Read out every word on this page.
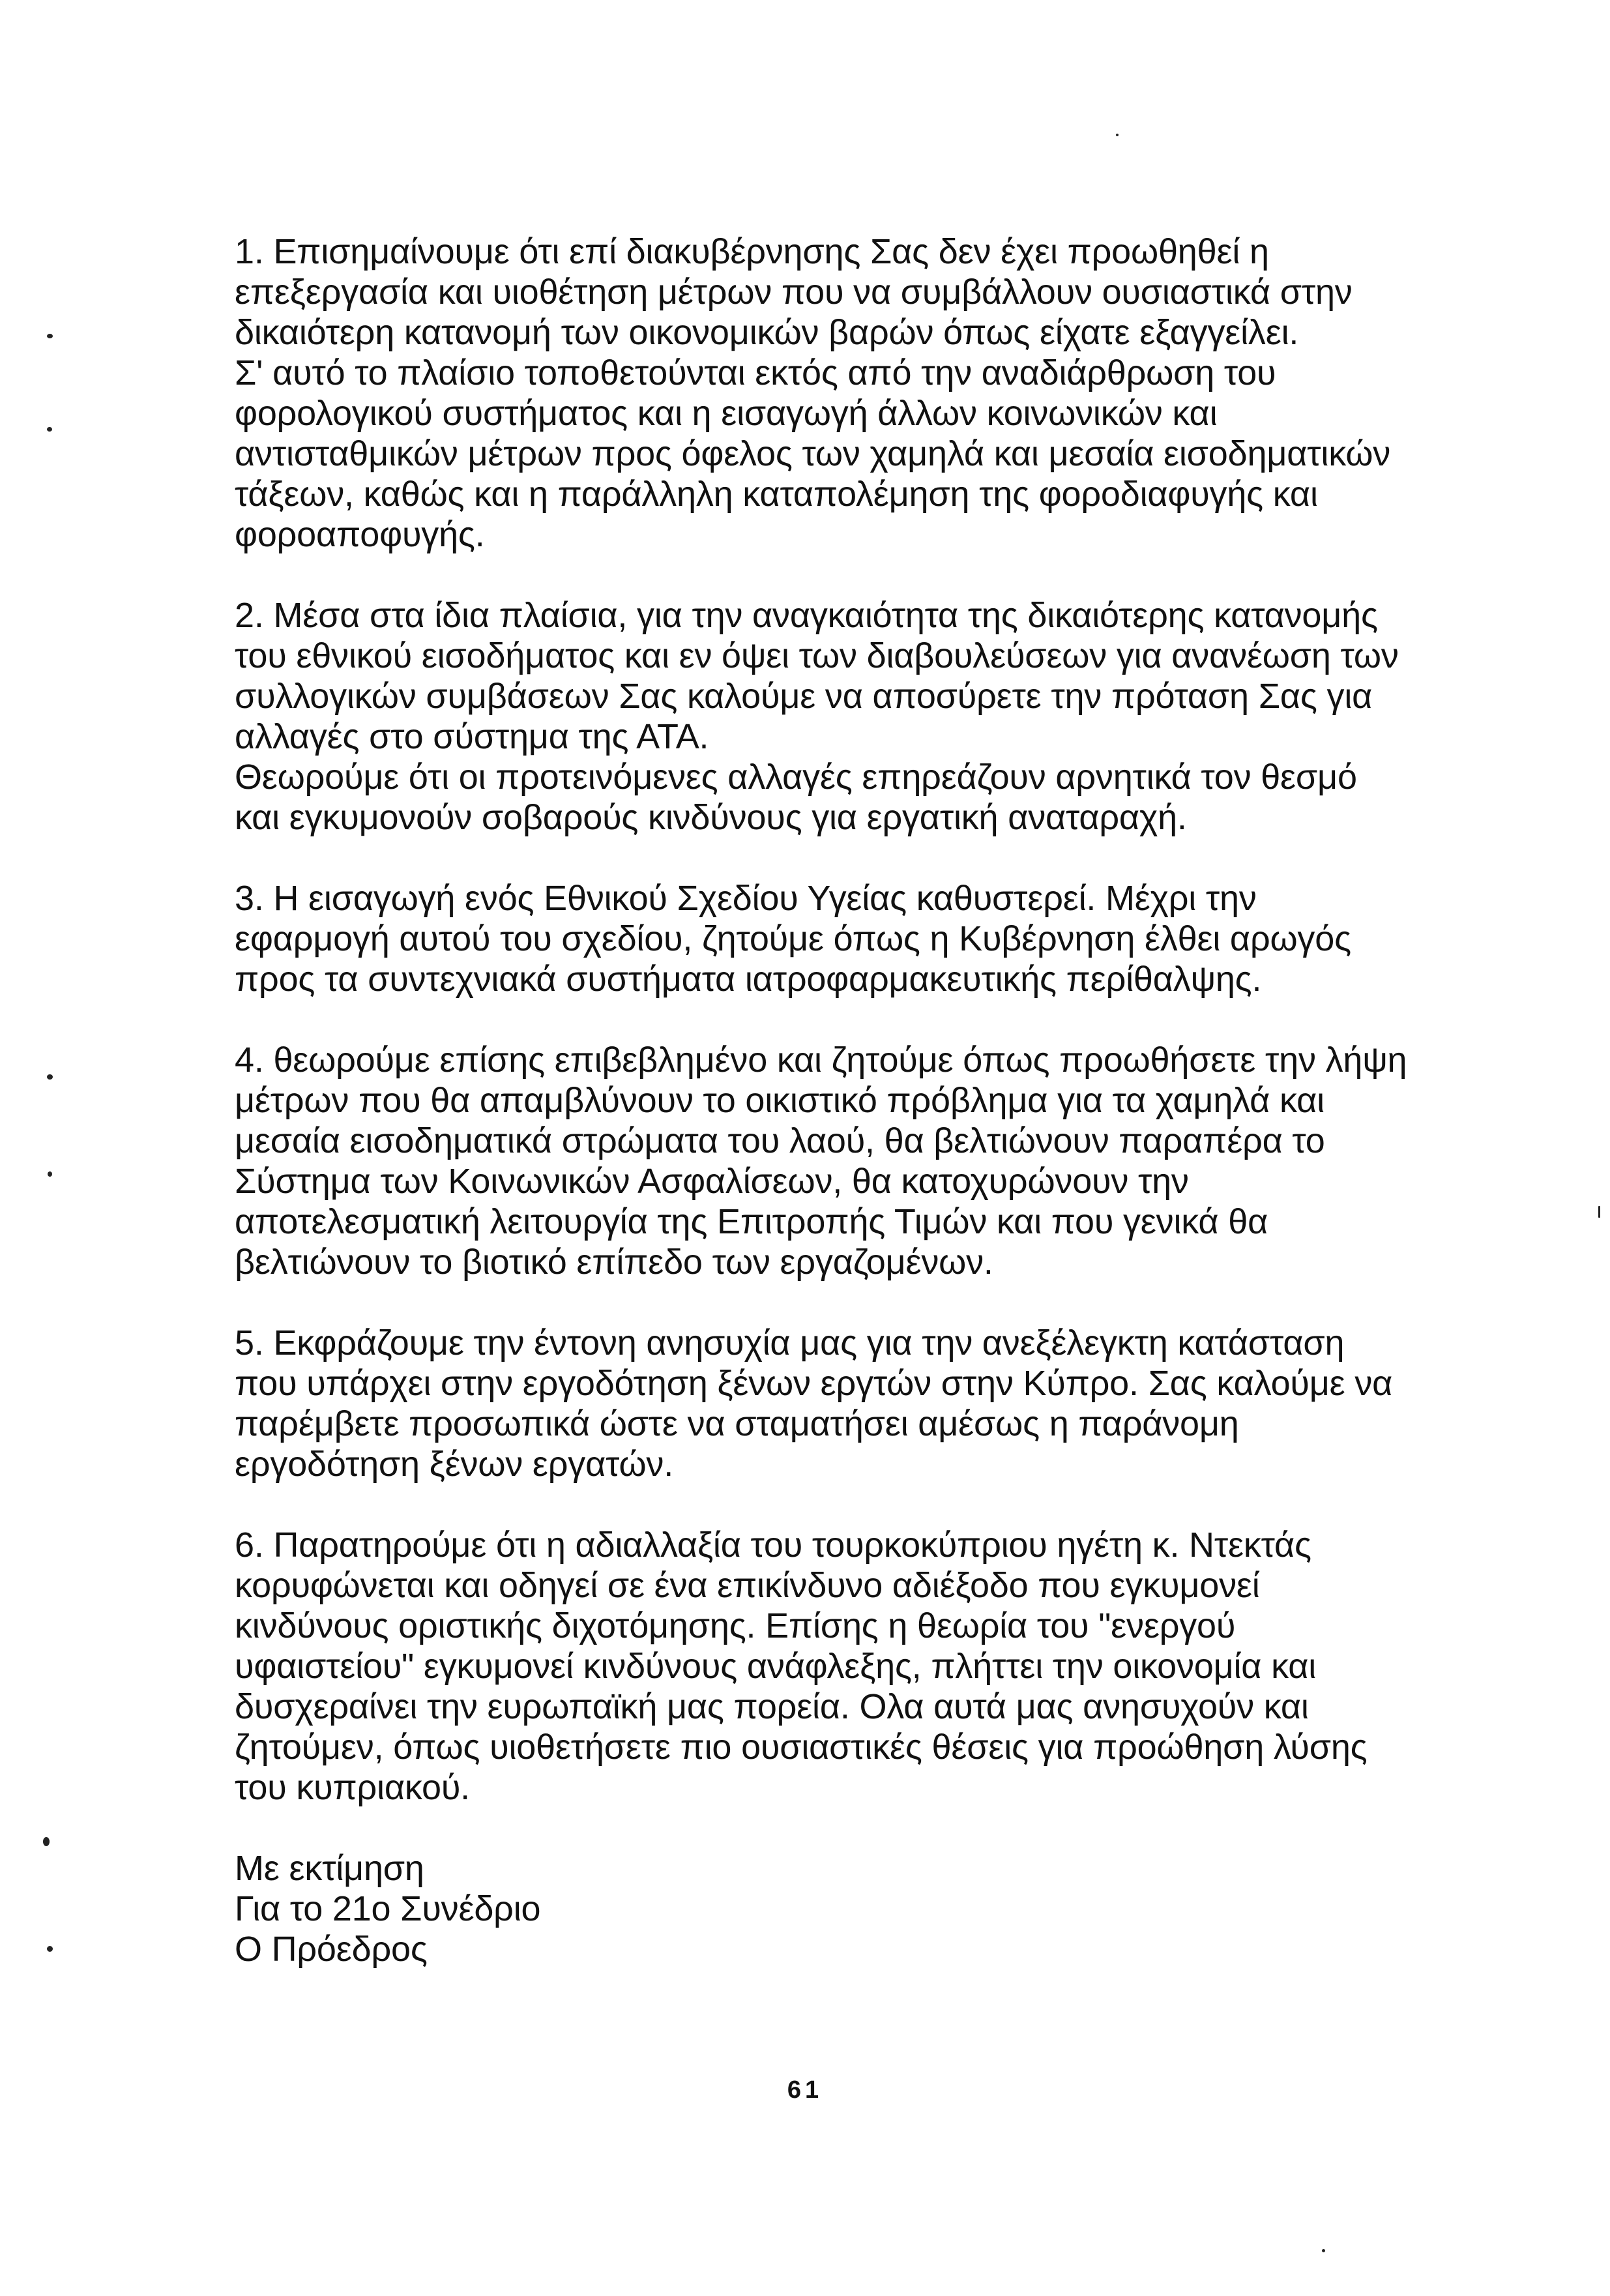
1. Επισημαίνουμε ότι επί διακυβέρνησης Σας δεν έχει προωθηθεί η
επεξεργασία και υιοθέτηση μέτρων που να συμβάλλουν ουσιαστικά στην
δικαιότερη κατανομή των οικονομικών βαρών όπως είχατε εξαγγείλει.
Σ' αυτό το πλαίσιο τοποθετούνται εκτός από την αναδιάρθρωση του
φορολογικού συστήματος και η εισαγωγή άλλων κοινωνικών και
αντισταθμικών μέτρων προς όφελος των χαμηλά και μεσαία εισοδηματικών
τάξεων, καθώς και η παράλληλη καταπολέμηση της φοροδιαφυγής και
φοροαποφυγής.
2. Μέσα στα ίδια πλαίσια, για την αναγκαιότητα της δικαιότερης κατανομής
του εθνικού εισοδήματος και εν όψει των διαβουλεύσεων για ανανέωση των
συλλογικών συμβάσεων Σας καλούμε να αποσύρετε την πρόταση Σας για
αλλαγές στο σύστημα της ΑΤΑ.
Θεωρούμε ότι οι προτεινόμενες αλλαγές επηρεάζουν αρνητικά τον θεσμό
και εγκυμονούν σοβαρούς κινδύνους για εργατική αναταραχή.
3. Η εισαγωγή ενός Εθνικού Σχεδίου Υγείας καθυστερεί. Μέχρι την
εφαρμογή αυτού του σχεδίου, ζητούμε όπως η Κυβέρνηση έλθει αρωγός
προς τα συντεχνιακά συστήματα ιατροφαρμακευτικής περίθαλψης.
4. θεωρούμε επίσης επιβεβλημένο και ζητούμε όπως προωθήσετε την λήψη
μέτρων που θα απαμβλύνουν το οικιστικό πρόβλημα για τα χαμηλά και
μεσαία εισοδηματικά στρώματα του λαού, θα βελτιώνουν παραπέρα το
Σύστημα των Κοινωνικών Ασφαλίσεων, θα κατοχυρώνουν την
αποτελεσματική λειτουργία της Επιτροπής Τιμών και που γενικά θα
βελτιώνουν το βιοτικό επίπεδο των εργαζομένων.
5. Εκφράζουμε την έντονη ανησυχία μας για την ανεξέλεγκτη κατάσταση
που υπάρχει στην εργοδότηση ξένων εργτών στην Κύπρο. Σας καλούμε να
παρέμβετε προσωπικά ώστε να σταματήσει αμέσως η παράνομη
εργοδότηση ξένων εργατών.
6. Παρατηρούμε ότι η αδιαλλαξία του τουρκοκύπριου ηγέτη κ. Ντεκτάς
κορυφώνεται και οδηγεί σε ένα επικίνδυνο αδιέξοδο που εγκυμονεί
κινδύνους οριστικής διχοτόμησης. Επίσης η θεωρία του "ενεργού
υφαιστείου" εγκυμονεί κινδύνους ανάφλεξης, πλήττει την οικονομία και
δυσχεραίνει την ευρωπαϊκή μας πορεία. Ολα αυτά μας ανησυχούν και
ζητούμεν, όπως υιοθετήσετε πιο ουσιαστικές θέσεις για προώθηση λύσης
του κυπριακού.
Με εκτίμηση
Για το 21ο Συνέδριο
Ο Πρόεδρος
61
